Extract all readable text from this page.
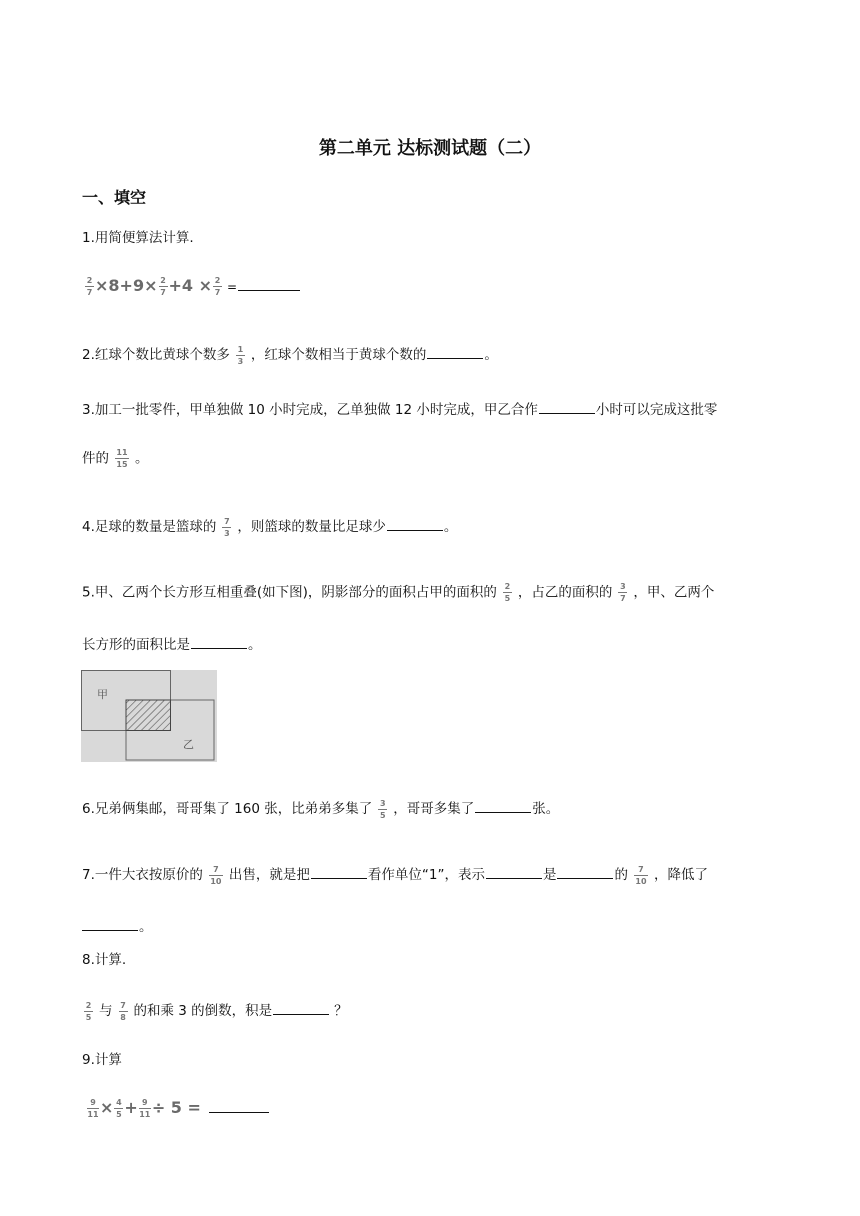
第二单元 达标测试题（二）
一、填空
1.用简便算法计算.
$\frac{2}{7} \times 8+9\times \frac{2}{7} +4 \times \frac{2}{7}$ =
2.红球个数比黄球个数多 $\frac{1}{3}$ ，红球个数相当于黄球个数的	。
3.加工一批零件，甲单独做 10 小时完成，乙单独做 12 小时完成，甲乙合作	小时可以完成这批零
件的 $\frac{11}{15}$ 。
4.足球的数量是篮球的 $\frac{7}{3}$ ，则篮球的数量比足球少	。
5.甲、乙两个长方形互相重叠(如下图)，阴影部分的面积占甲的面积的 $\frac{2}{5}$ ，占乙的面积的 $\frac{3}{7}$ ，甲、乙两个
长方形的面积比是	。
甲
乙
6.兄弟俩集邮，哥哥集了 160 张，比弟弟多集了 $\frac{3}{5}$ ，哥哥多集了	张。
7.一件大衣按原价的 $\frac{7}{10}$ 出售，就是把	看作单位“1”，表示	是	的 $\frac{7}{10}$ ，降低了
。
8.计算.
$\frac{2}{5}$ 与 $\frac{7}{8}$ 的和乘 3 的倒数，积是	？
9.计算
$\frac{9}{11} \times \frac{4}{5} + \frac{9}{11} \div 5$ =
